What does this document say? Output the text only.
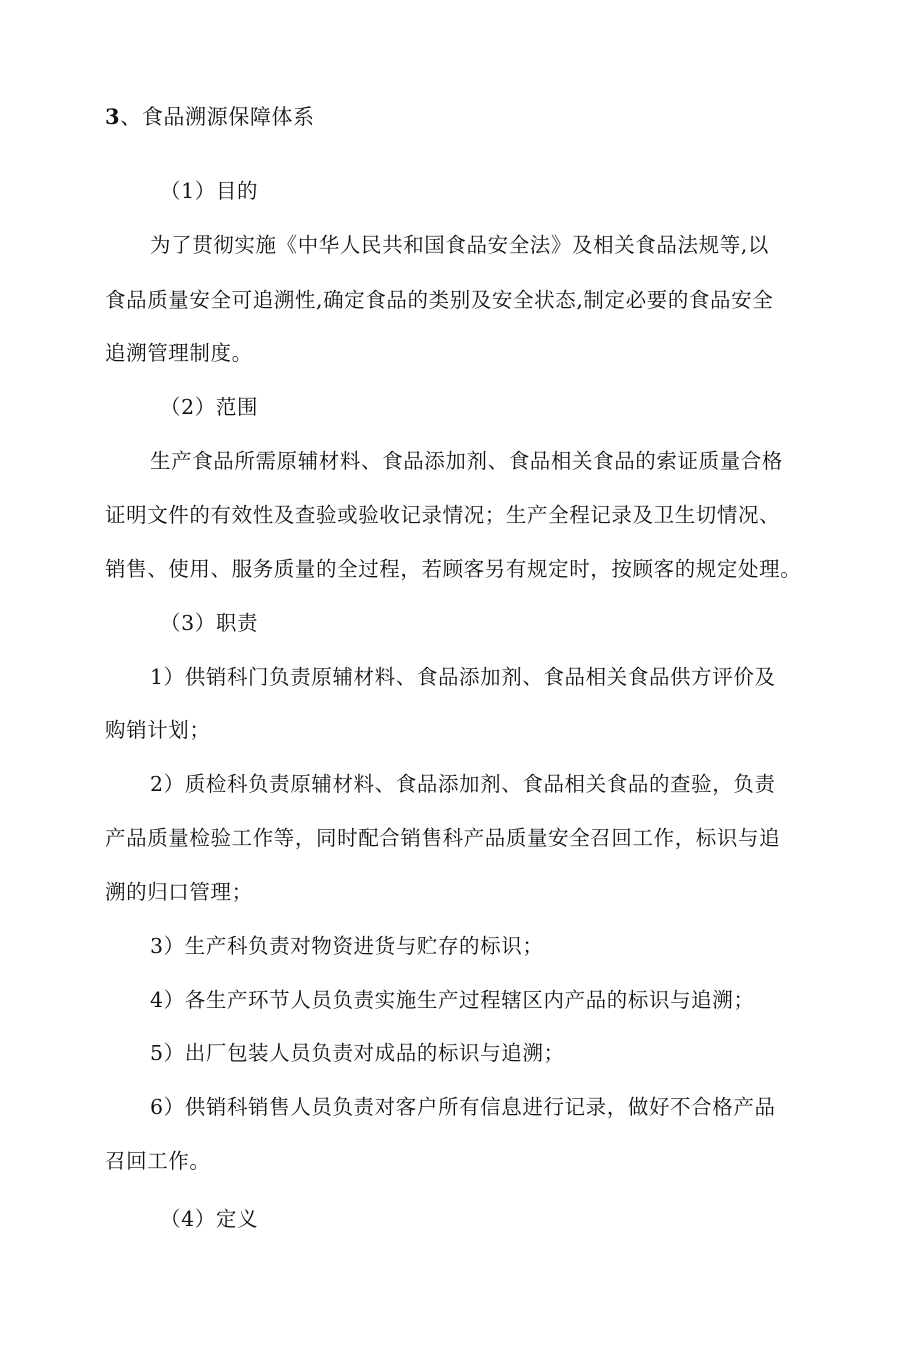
3、食品溯源保障体系
（1）目的
为了贯彻实施《中华人民共和国食品安全法》及相关食品法规等,以
食品质量安全可追溯性,确定食品的类别及安全状态,制定必要的食品安全
追溯管理制度。
（2）范围
生产食品所需原辅材料、食品添加剂、食品相关食品的索证质量合格
证明文件的有效性及查验或验收记录情况；生产全程记录及卫生切情况、
销售、使用、服务质量的全过程，若顾客另有规定时，按顾客的规定处理。
（3）职责
1）供销科门负责原辅材料、食品添加剂、食品相关食品供方评价及
购销计划；
2）质检科负责原辅材料、食品添加剂、食品相关食品的查验，负责
产品质量检验工作等，同时配合销售科产品质量安全召回工作，标识与追
溯的归口管理；
3）生产科负责对物资进货与贮存的标识；
4）各生产环节人员负责实施生产过程辖区内产品的标识与追溯；
5）出厂包装人员负责对成品的标识与追溯；
6）供销科销售人员负责对客户所有信息进行记录，做好不合格产品
召回工作。
（4）定义
